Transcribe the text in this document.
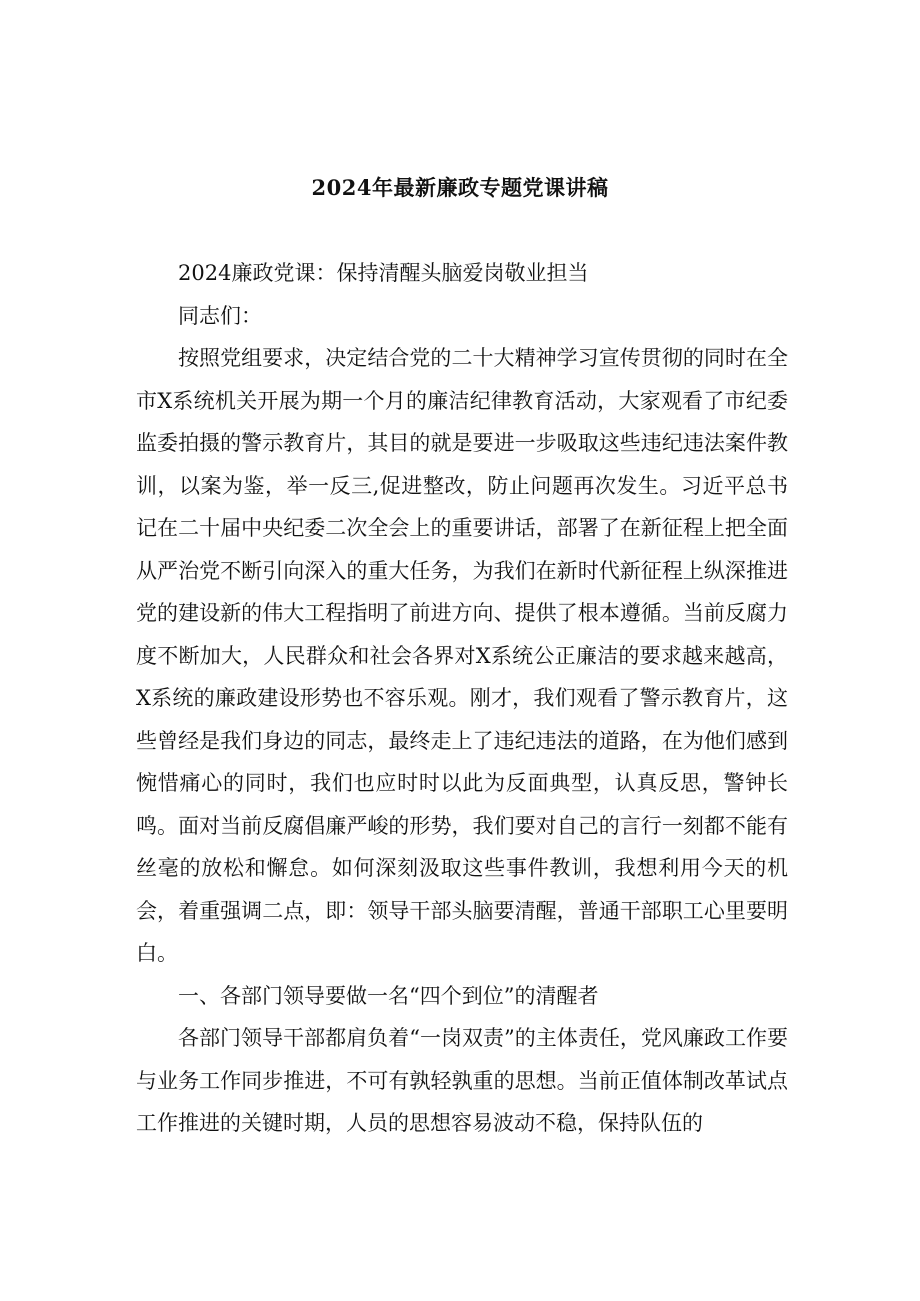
2024年最新廉政专题党课讲稿

2024廉政党课：保持清醒头脑爱岗敬业担当

同志们：

按照党组要求，决定结合党的二十大精神学习宣传贯彻的同时在全市X系统机关开展为期一个月的廉洁纪律教育活动，大家观看了市纪委监委拍摄的警示教育片，其目的就是要进一步吸取这些违纪违法案件教训，以案为鉴，举一反三,促进整改，防止问题再次发生。习近平总书记在二十届中央纪委二次全会上的重要讲话，部署了在新征程上把全面从严治党不断引向深入的重大任务，为我们在新时代新征程上纵深推进党的建设新的伟大工程指明了前进方向、提供了根本遵循。当前反腐力度不断加大，人民群众和社会各界对X系统公正廉洁的要求越来越高，X系统的廉政建设形势也不容乐观。刚才，我们观看了警示教育片，这些曾经是我们身边的同志，最终走上了违纪违法的道路，在为他们感到惋惜痛心的同时，我们也应时时以此为反面典型，认真反思，警钟长鸣。面对当前反腐倡廉严峻的形势，我们要对自己的言行一刻都不能有丝毫的放松和懈怠。如何深刻汲取这些事件教训，我想利用今天的机会，着重强调二点，即：领导干部头脑要清醒，普通干部职工心里要明白。

一、各部门领导要做一名“四个到位”的清醒者

各部门领导干部都肩负着“一岗双责”的主体责任，党风廉政工作要与业务工作同步推进，不可有孰轻孰重的思想。当前正值体制改革试点工作推进的关键时期，人员的思想容易波动不稳，保持队伍的
